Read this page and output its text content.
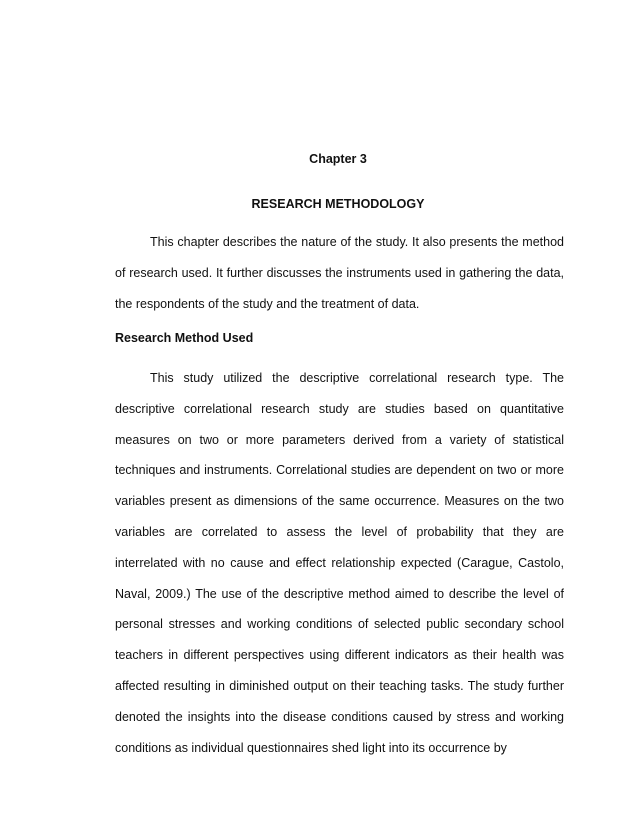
Chapter 3
RESEARCH METHODOLOGY

This chapter describes the nature of the study. It also presents the method of research used. It further discusses the instruments used in gathering the data, the respondents of the study and the treatment of data.

Research Method Used

This study utilized the descriptive correlational research type. The descriptive correlational research study are studies based on quantitative measures on two or more parameters derived from a variety of statistical techniques and instruments. Correlational studies are dependent on two or more variables present as dimensions of the same occurrence. Measures on the two variables are correlated to assess the level of probability that they are interrelated with no cause and effect relationship expected (Carague, Castolo, Naval, 2009.) The use of the descriptive method aimed to describe the level of personal stresses and working conditions of selected public secondary school teachers in different perspectives using different indicators as their health was affected resulting in diminished output on their teaching tasks. The study further denoted the insights into the disease conditions caused by stress and working conditions as individual questionnaires shed light into its occurrence by
